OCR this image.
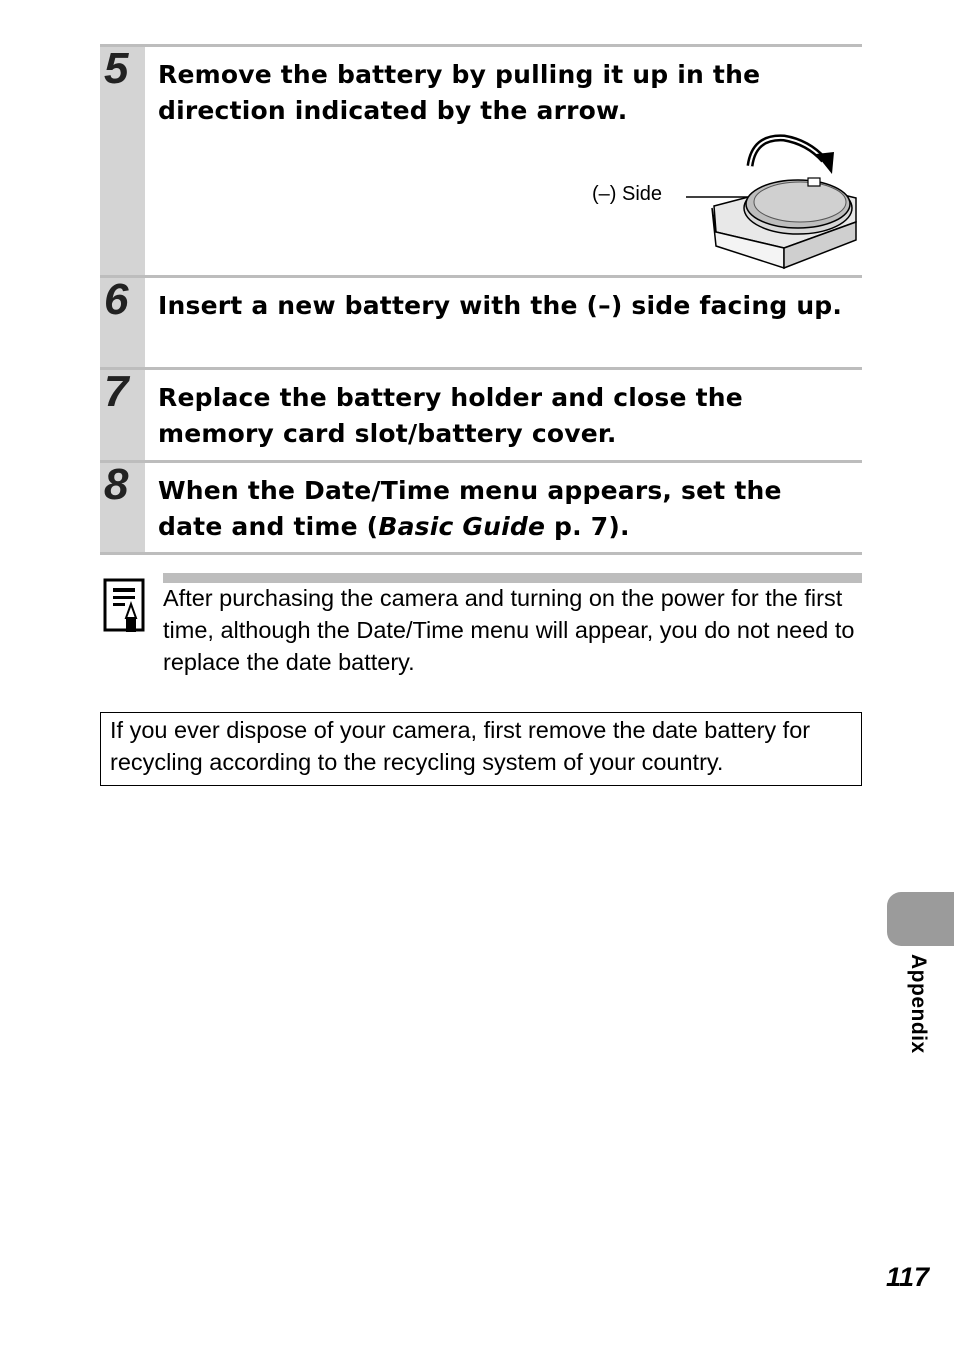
5 Remove the battery by pulling it up in the direction indicated by the arrow.
(–) Side
6 Insert a new battery with the (–) side facing up.
7 Replace the battery holder and close the memory card slot/battery cover.
8 When the Date/Time menu appears, set the date and time (Basic Guide p. 7).
After purchasing the camera and turning on the power for the first time, although the Date/Time menu will appear, you do not need to replace the date battery.
If you ever dispose of your camera, first remove the date battery for recycling according to the recycling system of your country.
Appendix
117
